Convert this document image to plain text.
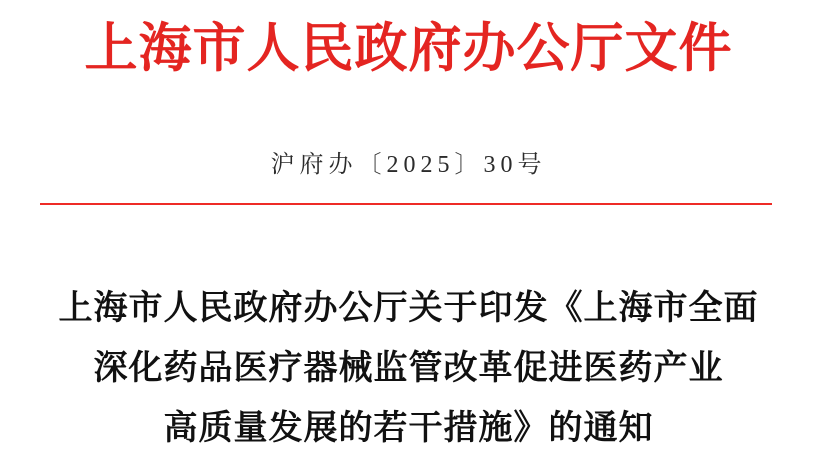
上海市人民政府办公厅文件
沪府办〔2025〕30号
上海市人民政府办公厅关于印发《上海市全面
深化药品医疗器械监管改革促进医药产业
高质量发展的若干措施》的通知
